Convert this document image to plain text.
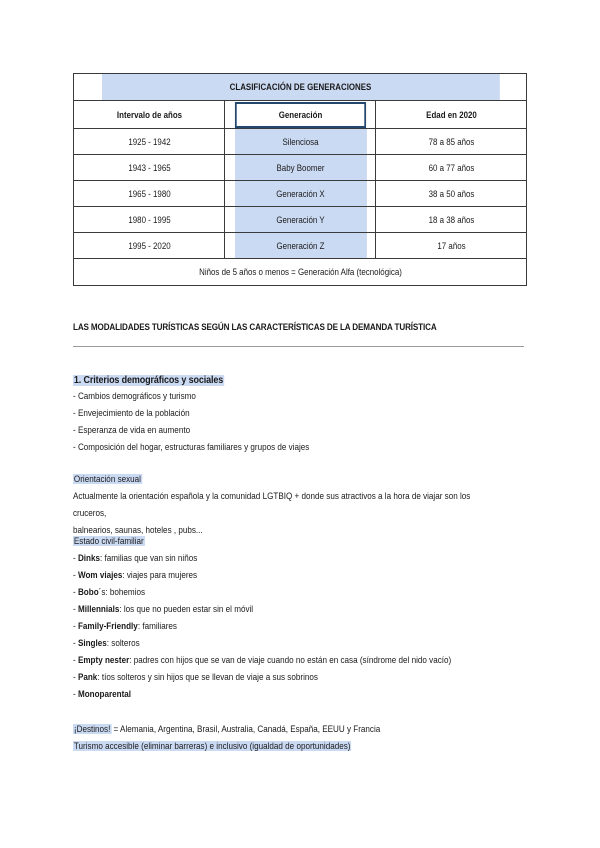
CLASIFICACIÓN DE GENERACIONES		
Intervalo de años	Generación	Edad en 2020
1925 - 1942	Silenciosa	78 a 85 años
1943 - 1965	Baby Boomer	60 a 77 años
1965 - 1980	Generación X	38 a 50 años
1980 - 1995	Generación Y	18 a 38 años
1995 - 2020	Generación Z	17 años
Niños de 5 años o menos = Generación Alfa (tecnológica)		
LAS MODALIDADES TURÍSTICAS SEGÚN LAS CARACTERÍSTICAS DE LA DEMANDA TURÍSTICA
1. Criterios demográficos y sociales
- Cambios demográficos y turismo
- Envejecimiento de la población
- Esperanza de vida en aumento
- Composición del hogar, estructuras familiares y grupos de viajes
Orientación sexual
Actualmente la orientación española y la comunidad LGTBIQ + donde sus atractivos a la hora de viajar son los cruceros,
balnearios, saunas, hoteles , pubs...
Estado civil-familiar
- Dinks: familias que van sin niños
- Wom viajes: viajes para mujeres
- Bobo´s: bohemios
- Millennials: los que no pueden estar sin el móvil
- Family-Friendly: familiares
- Singles: solteros
- Empty nester: padres con hijos que se van de viaje cuando no están en casa (síndrome del nido vacío)
- Pank: tíos solteros y sin hijos que se llevan de viaje a sus sobrinos
- Monoparental
¡Destinos! = Alemania, Argentina, Brasil, Australia, Canadá, España, EEUU y Francia
Turismo accesible (eliminar barreras) e inclusivo (igualdad de oportunidades)
